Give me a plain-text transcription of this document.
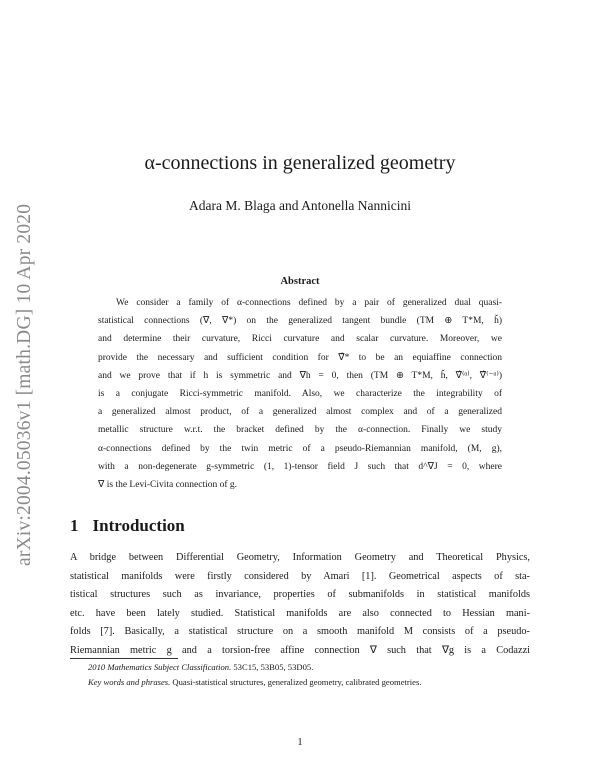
arXiv:2004.05036v1 [math.DG] 10 Apr 2020
α-connections in generalized geometry
Adara M. Blaga and Antonella Nannicini
Abstract
We consider a family of α-connections defined by a pair of generalized dual quasi-
statistical connections (∇, ∇*) on the generalized tangent bundle (TM ⊕ T*M, ȟ)
and determine their curvature, Ricci curvature and scalar curvature. Moreover, we
provide the necessary and sufficient condition for ∇̂* to be an equiaffine connection
and we prove that if h is symmetric and ∇h = 0, then (TM ⊕ T*M, ȟ, ∇̂⁽ᵅ⁾, ∇̂⁽⁻ᵅ⁾)
is a conjugate Ricci-symmetric manifold. Also, we characterize the integrability of
a generalized almost product, of a generalized almost complex and of a generalized
metallic structure w.r.t. the bracket defined by the α-connection. Finally we study
α-connections defined by the twin metric of a pseudo-Riemannian manifold, (M, g),
with a non-degenerate g-symmetric (1, 1)-tensor field J such that d^∇J = 0, where
∇ is the Levi-Civita connection of g.
1 Introduction
A bridge between Differential Geometry, Information Geometry and Theoretical Physics,
statistical manifolds were firstly considered by Amari [1]. Geometrical aspects of sta-
tistical structures such as invariance, properties of submanifolds in statistical manifolds
etc. have been lately studied. Statistical manifolds are also connected to Hessian mani-
folds [7]. Basically, a statistical structure on a smooth manifold M consists of a pseudo-
Riemannian metric g and a torsion-free affine connection ∇ such that ∇g is a Codazzi
2010 Mathematics Subject Classification. 53C15, 53B05, 53D05.
Key words and phrases. Quasi-statistical structures, generalized geometry, calibrated geometries.
1
